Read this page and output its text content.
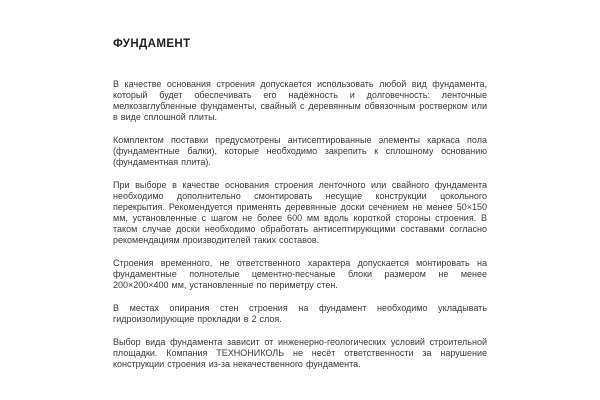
ФУНДАМЕНТ

В качестве основания строения допускается использовать любой вид фундамента, который будет обеспечивать его надёжность и долговечность: ленточные мелкозаглубленные фундаменты, свайный с деревянным обвязочным ростверком или в виде сплошной плиты.

Комплектом поставки предусмотрены антисептированные элементы каркаса пола (фундаментные балки), которые необходимо закрепить к сплошному основанию (фундаментная плита).

При выборе в качестве основания строения ленточного или свайного фундамента необходимо дополнительно смонтировать несущие конструкции цокольного перекрытия. Рекомендуется применять деревянные доски сечением не менее 50×150 мм, установленные с шагом не более 600 мм вдоль короткой стороны строения. В таком случае доски необходимо обработать антисептирующими составами согласно рекомендациям производителей таких составов.

Строения временного, не ответственного характера допускается монтировать на фундаментные полнотелые цементно-песчаные блоки размером не менее 200×200×400 мм, установленные по периметру стен.

В местах опирания стен строения на фундамент необходимо укладывать гидроизолирующие прокладки в 2 слоя.

Выбор вида фундамента зависит от инженерно-геологических условий строительной площадки. Компания ТЕХНОНИКОЛЬ не несёт ответственности за нарушение конструкции строения из-за некачественного фундамента.
